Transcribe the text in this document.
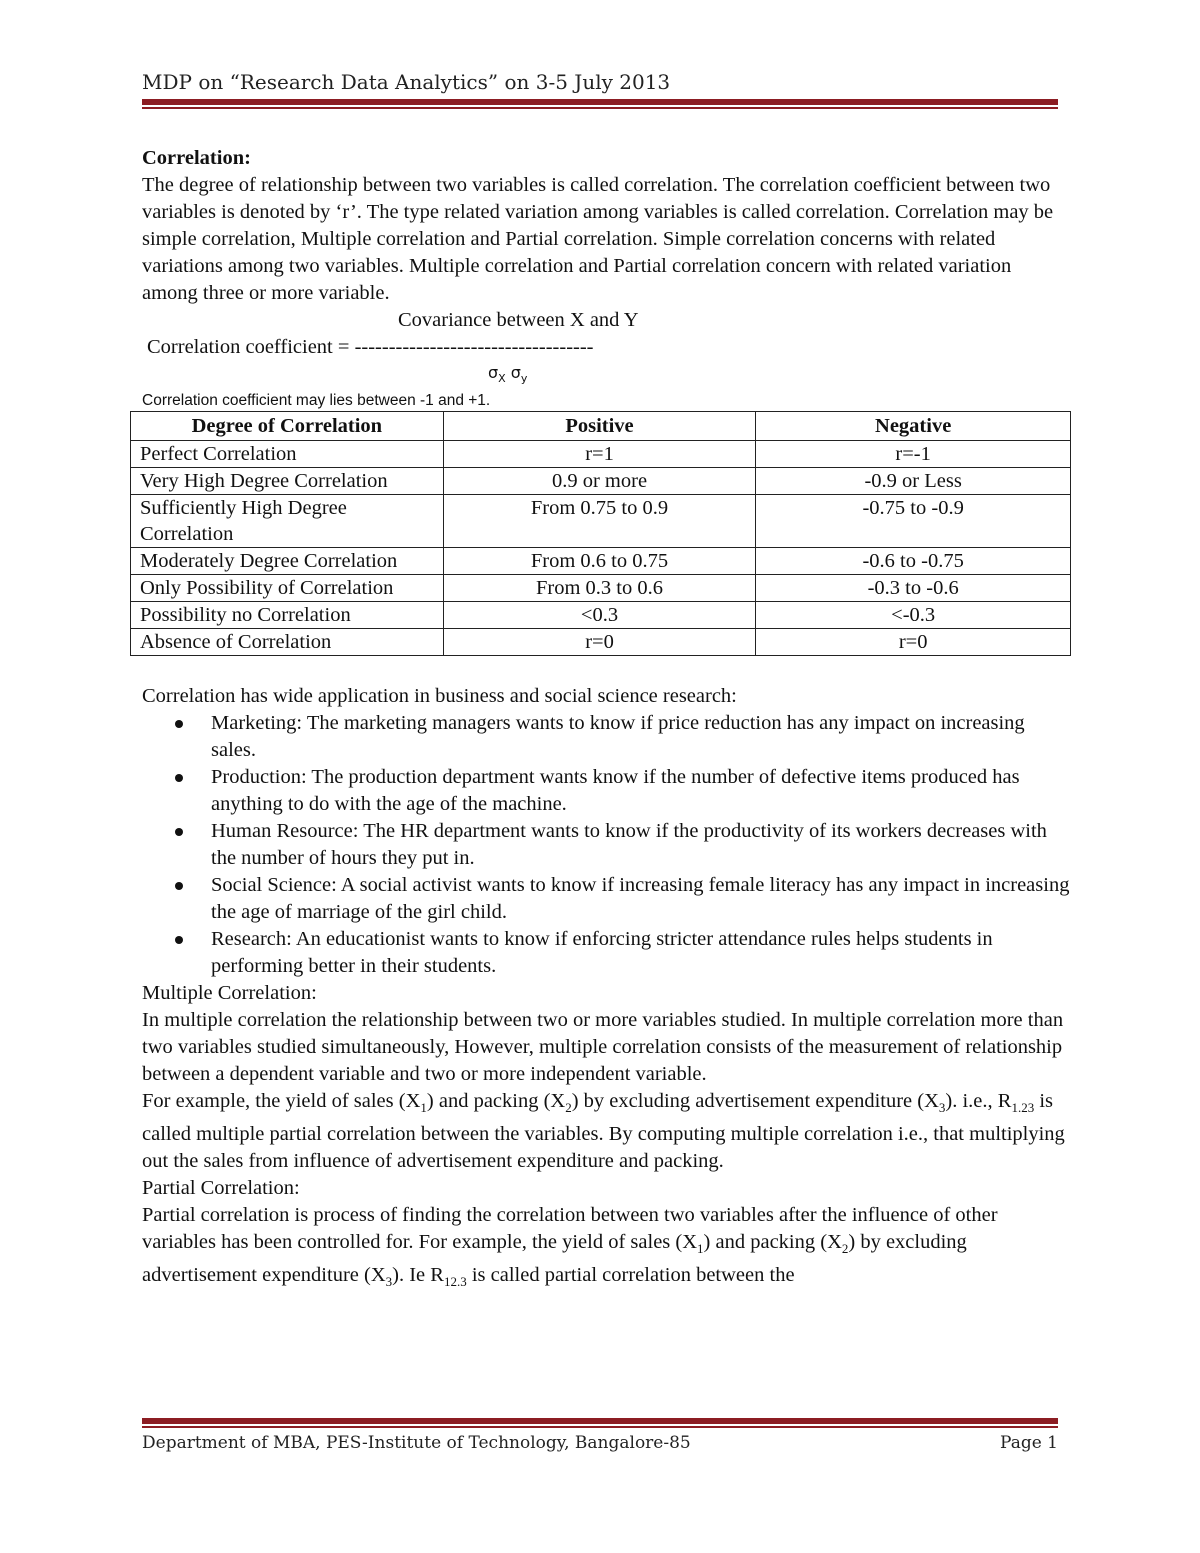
MDP on “Research Data Analytics” on 3-5 July 2013

Correlation:

The degree of relationship between two variables is called correlation. The correlation coefficient between two variables is denoted by ‘r’. The type related variation among variables is called correlation. Correlation may be simple correlation, Multiple correlation and Partial correlation. Simple correlation concerns with related variations among two variables. Multiple correlation and Partial correlation concern with related variation among three or more variable.

Covariance between X and Y

Correlation coefficient = -----------------------------------

$\sigma_X$ $\sigma_y$

Correlation coefficient may lies between -1 and +1.

Degree of Correlation	Positive	Negative
Perfect Correlation	r=1	r=-1
Very High Degree Correlation	0.9 or more	-0.9 or Less
Sufficiently High Degree Correlation	From 0.75 to 0.9	-0.75 to -0.9
Moderately Degree Correlation	From 0.6 to 0.75	-0.6 to -0.75
Only Possibility of Correlation	From 0.3 to 0.6	-0.3 to -0.6
Possibility no Correlation	<0.3	<-0.3
Absence of Correlation	r=0	r=0

Correlation has wide application in business and social science research:

Marketing: The marketing managers wants to know if price reduction has any impact on increasing sales.
Production: The production department wants know if the number of defective items produced has anything to do with the age of the machine.
Human Resource: The HR department wants to know if the productivity of its workers decreases with the number of hours they put in.
Social Science: A social activist wants to know if increasing female literacy has any impact in increasing the age of marriage of the girl child.
Research: An educationist wants to know if enforcing stricter attendance rules helps students in performing better in their students.

Multiple Correlation:

In multiple correlation the relationship between two or more variables studied. In multiple correlation more than two variables studied simultaneously, However, multiple correlation consists of the measurement of relationship between a dependent variable and two or more independent variable.

For example, the yield of sales $(X_1)$ and packing $(X_2)$ by excluding advertisement expenditure $(X_3)$. i.e., $R_{1.23}$ is called multiple partial correlation between the variables. By computing multiple correlation i.e., that multiplying out the sales from influence of advertisement expenditure and packing.

Partial Correlation:

Partial correlation is process of finding the correlation between two variables after the influence of other variables has been controlled for. For example, the yield of sales $(X_1)$ and packing $(X_2)$ by excluding advertisement expenditure $(X_3)$. Ie $R_{12.3}$ is called partial correlation between the

Department of MBA, PES-Institute of Technology, Bangalore-85	Page 1
